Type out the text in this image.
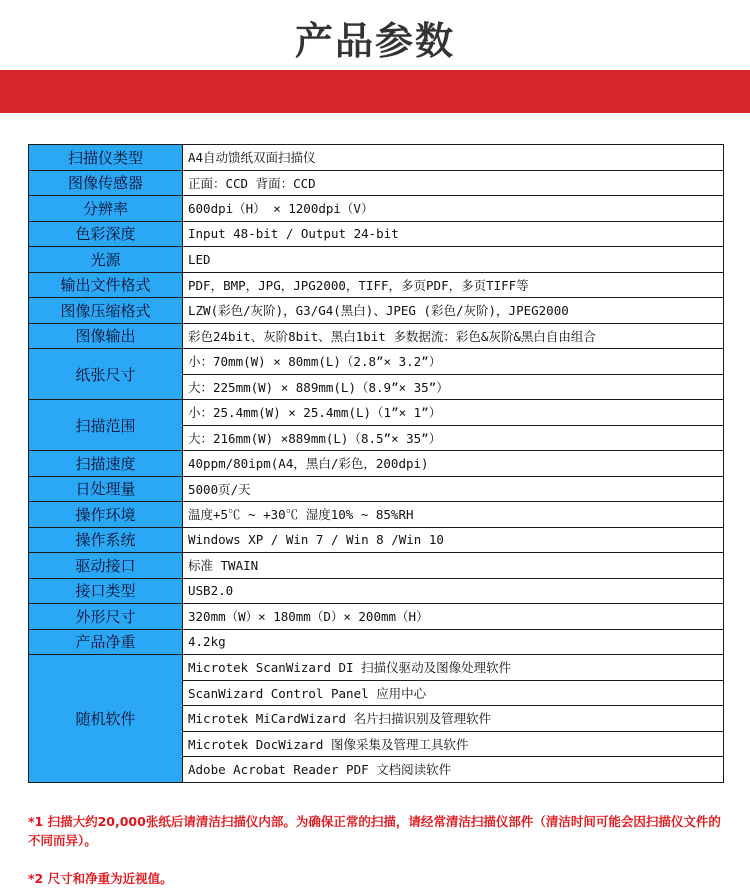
产品参数
扫描仪类型	A4自动馈纸双面扫描仪
图像传感器	正面：CCD 背面：CCD
分辨率	600dpi（H） × 1200dpi（V）
色彩深度	Input 48-bit / Output 24-bit
光源	LED
输出文件格式	PDF，BMP，JPG，JPG2000，TIFF，多页PDF，多页TIFF等
图像压缩格式	LZW(彩色/灰阶)，G3/G4(黑白)、JPEG (彩色/灰阶)，JPEG2000
图像输出	彩色24bit、灰阶8bit、黑白1bit 多数据流：彩色&灰阶&黑白自由组合
纸张尺寸	小：70mm(W) × 80mm(L)（2.8”× 3.2”）
	大：225mm(W) × 889mm(L)（8.9”× 35”）
扫描范围	小：25.4mm(W) × 25.4mm(L)（1”× 1”）
	大：216mm(W) ×889mm(L)（8.5”× 35”）
扫描速度	40ppm/80ipm(A4，黑白/彩色，200dpi)
日处理量	5000页/天
操作环境	温度+5℃ ~ +30℃ 湿度10% ~ 85%RH
操作系统	Windows XP / Win 7 / Win 8 /Win 10
驱动接口	标准 TWAIN
接口类型	USB2.0
外形尺寸	320mm（W）× 180mm（D）× 200mm（H）
产品净重	4.2kg
随机软件	Microtek ScanWizard DI 扫描仪驱动及图像处理软件
	ScanWizard Control Panel 应用中心
	Microtek MiCardWizard 名片扫描识别及管理软件
	Microtek DocWizard 图像采集及管理工具软件
	Adobe Acrobat Reader PDF 文档阅读软件

*1 扫描大约20,000张纸后请清洁扫描仪内部。为确保正常的扫描，请经常清洁扫描仪部件（清洁时间可能会因扫描仪文件的不同而异）。

*2 尺寸和净重为近视值。
